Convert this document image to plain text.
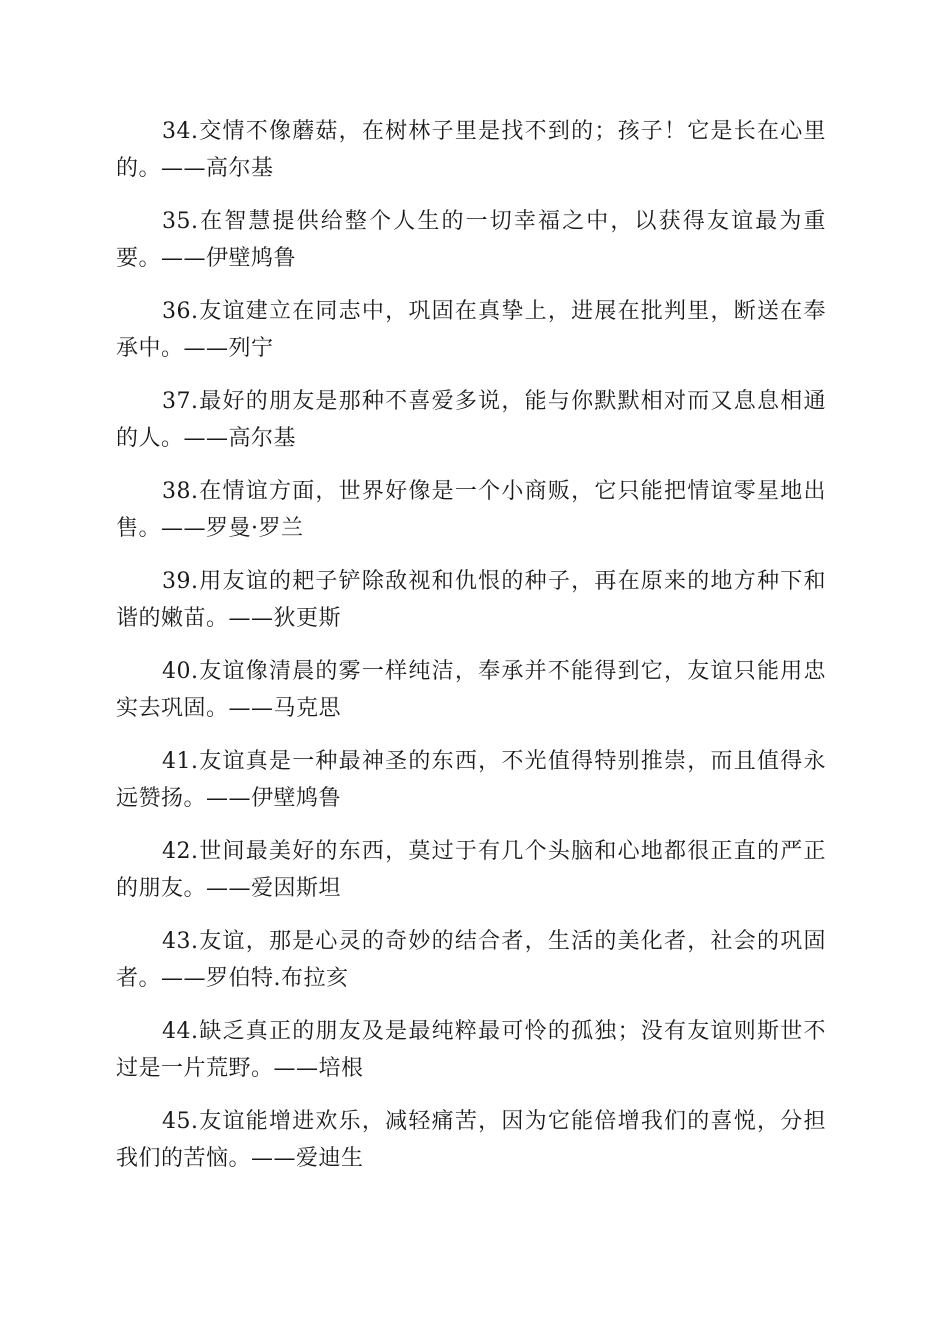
34.交情不像蘑菇，在树林子里是找不到的；孩子！它是长在心里的。——高尔基

35.在智慧提供给整个人生的一切幸福之中，以获得友谊最为重要。——伊壁鸠鲁

36.友谊建立在同志中，巩固在真挚上，进展在批判里，断送在奉承中。——列宁

37.最好的朋友是那种不喜爱多说，能与你默默相对而又息息相通的人。——高尔基

38.在情谊方面，世界好像是一个小商贩，它只能把情谊零星地出售。——罗曼·罗兰

39.用友谊的耙子铲除敌视和仇恨的种子，再在原来的地方种下和谐的嫩苗。——狄更斯

40.友谊像清晨的雾一样纯洁，奉承并不能得到它，友谊只能用忠实去巩固。——马克思

41.友谊真是一种最神圣的东西，不光值得特别推崇，而且值得永远赞扬。——伊壁鸠鲁

42.世间最美好的东西，莫过于有几个头脑和心地都很正直的严正的朋友。——爱因斯坦

43.友谊，那是心灵的奇妙的结合者，生活的美化者，社会的巩固者。——罗伯特.布拉亥

44.缺乏真正的朋友及是最纯粹最可怜的孤独；没有友谊则斯世不过是一片荒野。——培根

45.友谊能增进欢乐，减轻痛苦，因为它能倍增我们的喜悦，分担我们的苦恼。——爱迪生
